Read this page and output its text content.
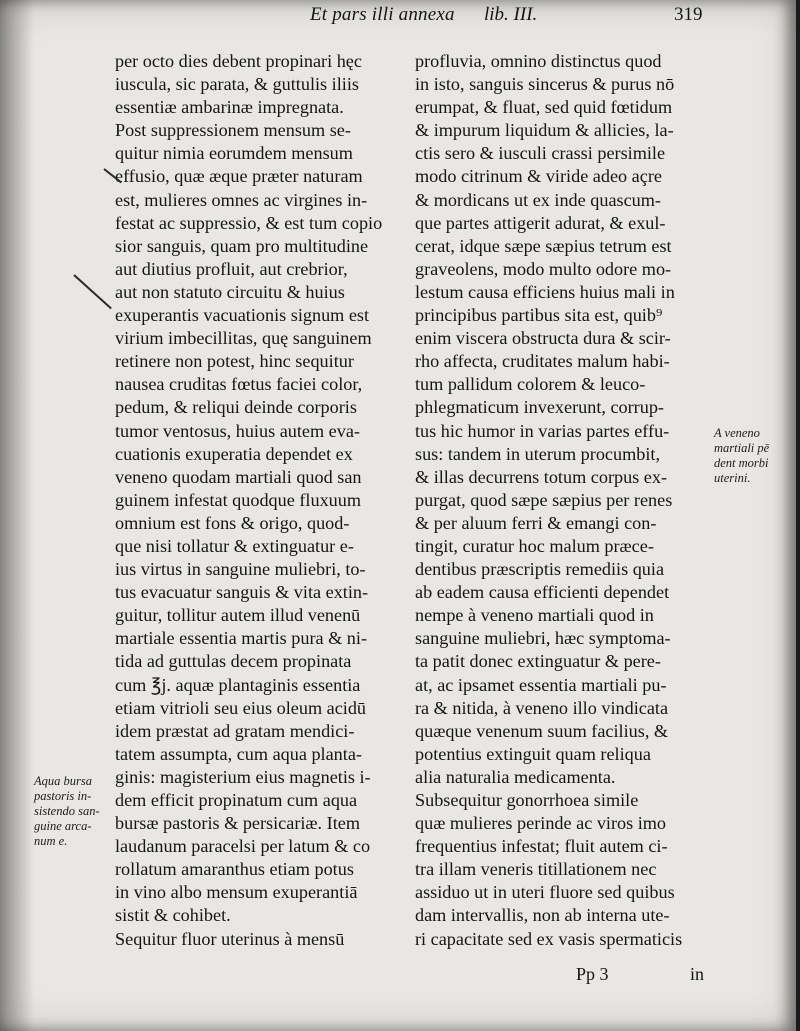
Et pars illi annexa lib. III.	319
per octo dies debent propinari hęc
iuscula, sic parata, & guttulis iliis
essentiæ ambarinæ impregnata.
Post suppressionem mensum se-
quitur nimia eorumdem mensum
effusio, quæ æque præter naturam
est, mulieres omnes ac virgines in-
festat ac suppressio, & est tum copio
sior sanguis, quam pro multitudine
aut diutius profluit, aut crebrior,
aut non statuto circuitu & huius
exuperantis vacuationis signum est
virium imbecillitas, quę sanguinem
retinere non potest, hinc sequitur
nausea cruditas fœtus faciei color,
pedum, & reliqui deinde corporis
tumor ventosus, huius autem eva-
cuationis exuperatia dependet ex
veneno quodam martiali quod san
guinem infestat quodque fluxuum
omnium est fons & origo, quod-
que nisi tollatur & extinguatur e-
ius virtus in sanguine muliebri, to-
tus evacuatur sanguis & vita extin-
guitur, tollitur autem illud venenū
martiale essentia martis pura & ni-
tida ad guttulas decem propinata
cum ℥j. aquæ plantaginis essentia
etiam vitrioli seu eius oleum acidū
idem præstat ad gratam mendici-
tatem assumpta, cum aqua planta-
ginis: magisterium eius magnetis i-
dem efficit propinatum cum aqua
bursæ pastoris & persicariæ. Item
laudanum paracelsi per latum & co
rollatum amaranthus etiam potus
in vino albo mensum exuperantiā
sistit & cohibet.
Sequitur fluor uterinus à mensū
profluvia, omnino distinctus quod
in isto, sanguis sincerus & purus nō
erumpat, & fluat, sed quid fœtidum
& impurum liquidum & allicies, la-
ctis sero & iusculi crassi persimile
modo citrinum & viride adeo açre
& mordicans ut ex inde quascum-
que partes attigerit adurat, & exul-
cerat, idque sæpe sæpius tetrum est
graveolens, modo multo odore mo-
lestum causa efficiens huius mali in
principibus partibus sita est, quib⁹
enim viscera obstructa dura & scir-
rho affecta, cruditates malum habi-
tum pallidum colorem & leuco-
phlegmaticum invexerunt, corrup-
tus hic humor in varias partes effu-
sus: tandem in uterum procumbit,
& illas decurrens totum corpus ex-
purgat, quod sæpe sæpius per renes
& per aluum ferri & emangi con-
tingit, curatur hoc malum præce-
dentibus præscriptis remediis quia
ab eadem causa efficienti dependet
nempe à veneno martiali quod in
sanguine muliebri, hæc symptoma-
ta patit donec extinguatur & pere-
at, ac ipsamet essentia martiali pu-
ra & nitida, à veneno illo vindicata
quæque venenum suum facilius, &
potentius extinguit quam reliqua
alia naturalia medicamenta.
Subsequitur gonorrhoea simile
quæ mulieres perinde ac viros imo
frequentius infestat; fluit autem ci-
tra illam veneris titillationem nec
assiduo ut in uteri fluore sed quibus
dam intervallis, non ab interna ute-
ri capacitate sed ex vasis spermaticis
Aqua bursa
pastoris in-
sistendo san-
guine arca-
num e.
A veneno
martiali pē
dent morbi
uterini.
Pp 3	in
